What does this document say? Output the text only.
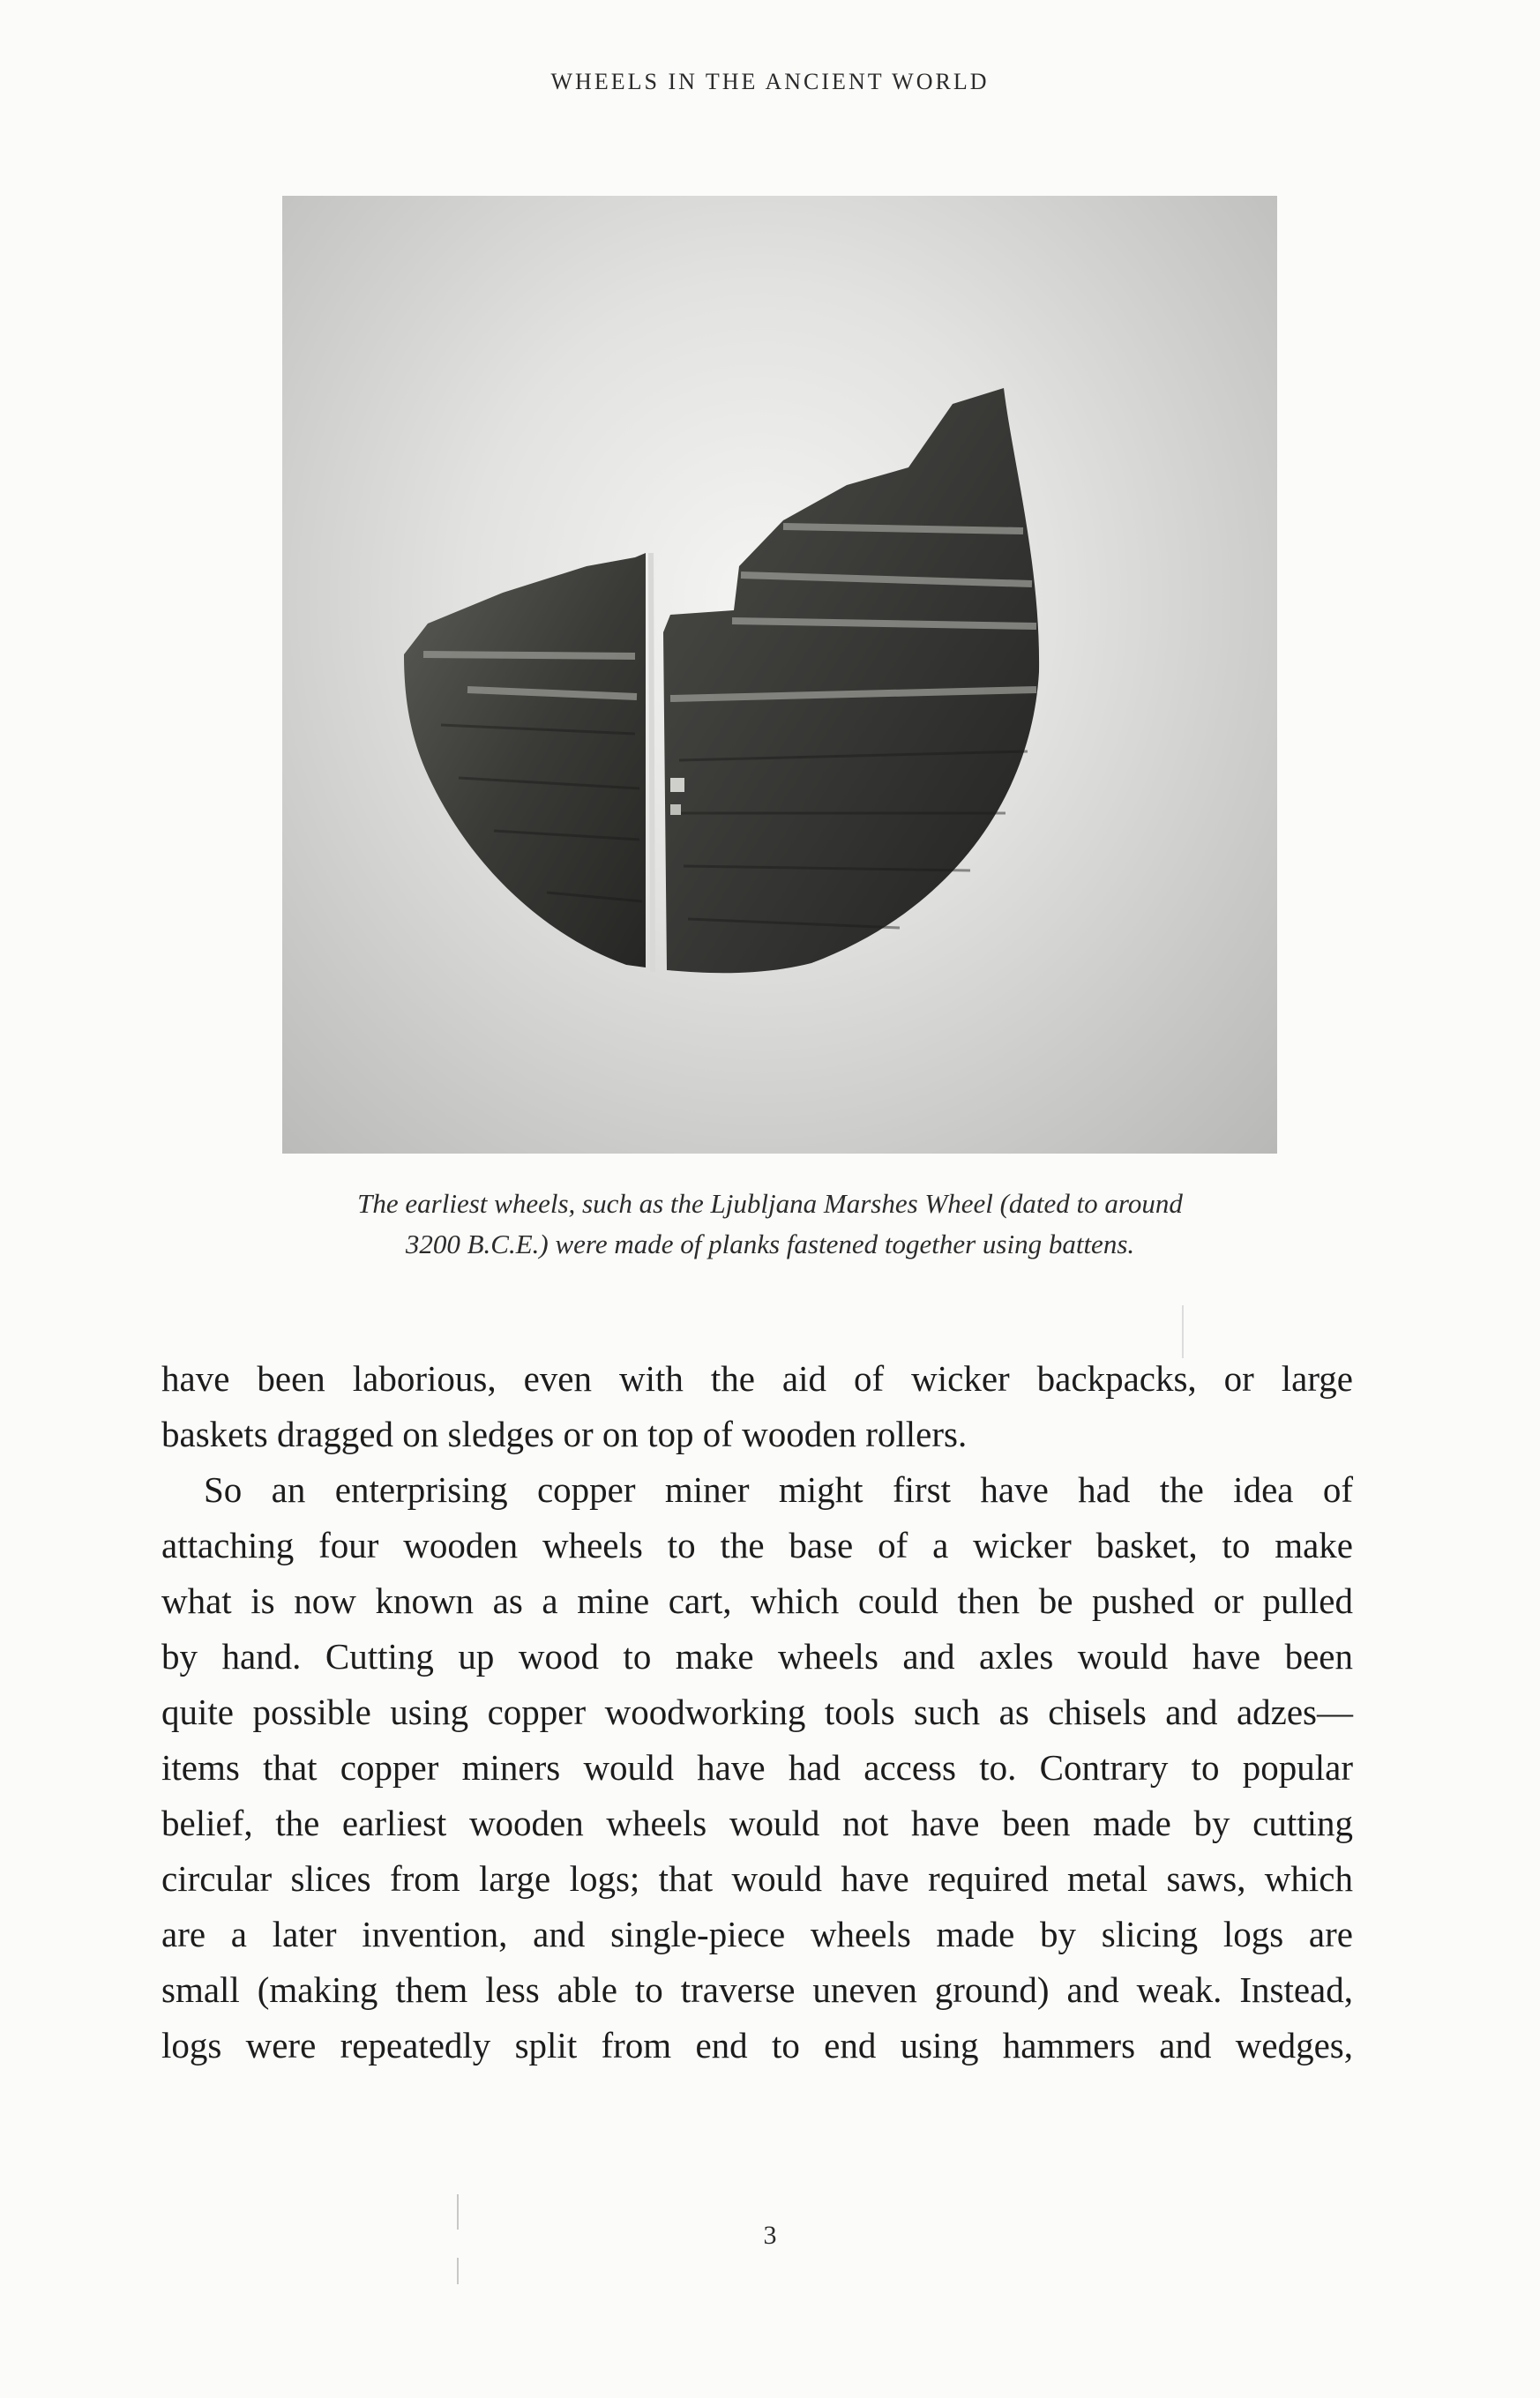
WHEELS IN THE ANCIENT WORLD

The earliest wheels, such as the Ljubljana Marshes Wheel (dated to around

3200 B.C.E.) were made of planks fastened together using battens.

have been laborious, even with the aid of wicker backpacks, or large

baskets dragged on sledges or on top of wooden rollers.

So an enterprising copper miner might first have had the idea of

attaching four wooden wheels to the base of a wicker basket, to make

what is now known as a mine cart, which could then be pushed or pulled

by hand. Cutting up wood to make wheels and axles would have been

quite possible using copper woodworking tools such as chisels and adzes—

items that copper miners would have had access to. Contrary to popular

belief, the earliest wooden wheels would not have been made by cutting

circular slices from large logs; that would have required metal saws, which

are a later invention, and single-piece wheels made by slicing logs are

small (making them less able to traverse uneven ground) and weak. Instead,

logs were repeatedly split from end to end using hammers and wedges,

3
